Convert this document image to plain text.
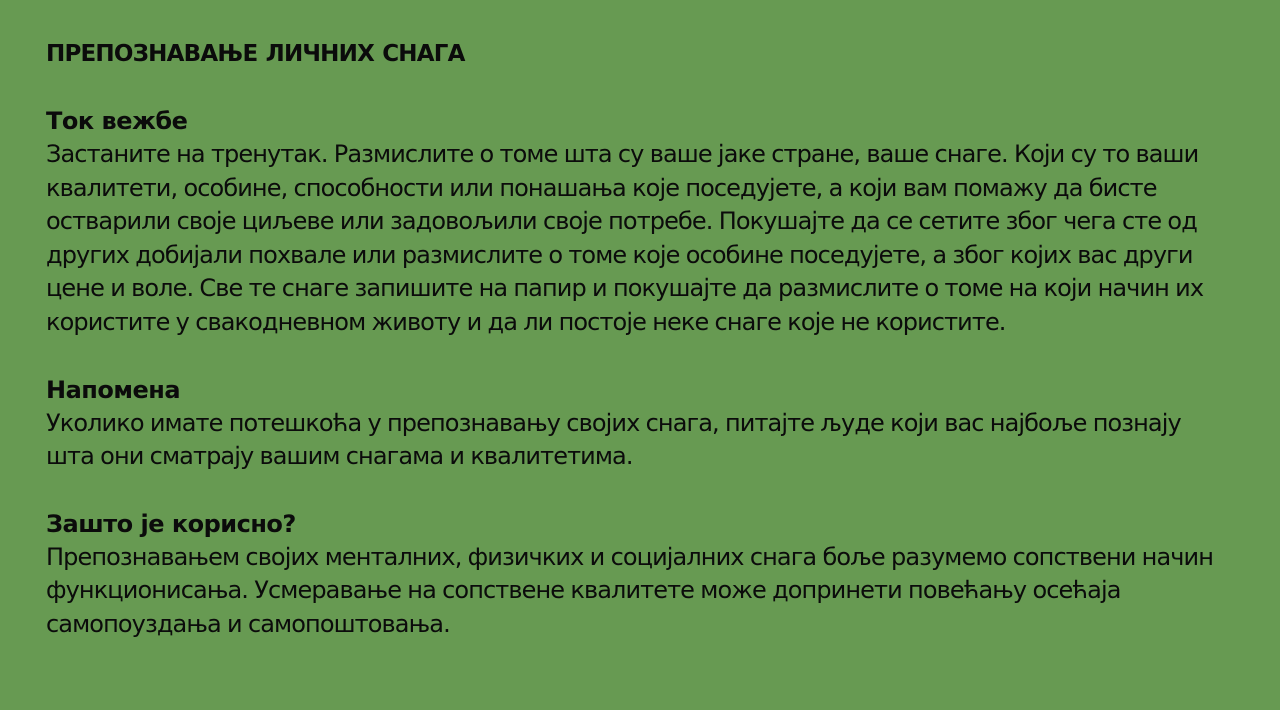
ПРЕПОЗНАВАЊЕ ЛИЧНИХ СНАГА
Ток вежбе

Застаните на тренутак. Размислите о томе шта су ваше јаке стране, ваше снаге. Који су то ваши квалитети, особине, способности или понашања које поседујете, а који вам помажу да бисте остварили своје циљеве или задовољили своје потребе. Покушајте да се сетите због чега сте од других добијали похвале или размислите о томе које особине поседујете, а због којих вас други цене и воле. Све те снаге запишите на папир и покушајте да размислите о томе на који начин их користите у свакодневном животу и да ли постоје неке снаге које не користите.

Напомена

Уколико имате потешкоћа у препознавању својих снага, питајте људе који вас најбоље познају шта они сматрају вашим снагама и квалитетима.

Зашто је корисно?

Препознавањем својих менталних, физичких и социјалних снага боље разумемо сопствени начин функционисања. Усмеравање на сопствене квалитете може допринети повећању осећаја самопоуздања и самопоштовања.
